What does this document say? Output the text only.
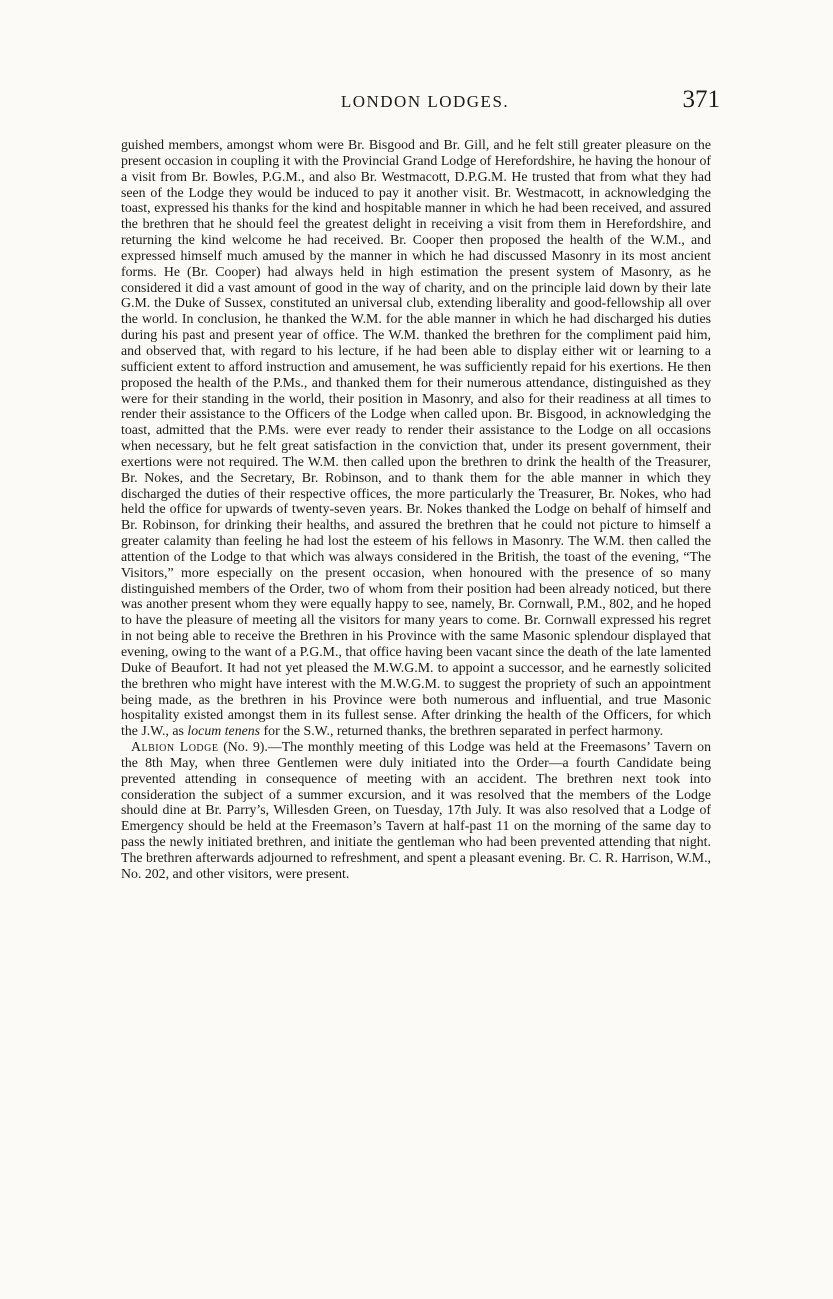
LONDON LODGES.	371

guished members, amongst whom were Br. Bisgood and Br. Gill, and he felt still greater pleasure on the present occasion in coupling it with the Provincial Grand Lodge of Herefordshire, he having the honour of a visit from Br. Bowles, P.G.M., and also Br. Westmacott, D.P.G.M. He trusted that from what they had seen of the Lodge they would be induced to pay it another visit. Br. Westmacott, in acknowledging the toast, expressed his thanks for the kind and hospitable manner in which he had been received, and assured the brethren that he should feel the greatest delight in receiving a visit from them in Herefordshire, and returning the kind welcome he had received. Br. Cooper then proposed the health of the W.M., and expressed himself much amused by the manner in which he had discussed Masonry in its most ancient forms. He (Br. Cooper) had always held in high estimation the present system of Masonry, as he considered it did a vast amount of good in the way of charity, and on the principle laid down by their late G.M. the Duke of Sussex, constituted an universal club, extending liberality and good-fellowship all over the world. In conclusion, he thanked the W.M. for the able manner in which he had discharged his duties during his past and present year of office. The W.M. thanked the brethren for the compliment paid him, and observed that, with regard to his lecture, if he had been able to display either wit or learning to a sufficient extent to afford instruction and amusement, he was sufficiently repaid for his exertions. He then proposed the health of the P.Ms., and thanked them for their numerous attendance, distinguished as they were for their standing in the world, their position in Masonry, and also for their readiness at all times to render their assistance to the Officers of the Lodge when called upon. Br. Bisgood, in acknowledging the toast, admitted that the P.Ms. were ever ready to render their assistance to the Lodge on all occasions when necessary, but he felt great satisfaction in the conviction that, under its present government, their exertions were not required. The W.M. then called upon the brethren to drink the health of the Treasurer, Br. Nokes, and the Secretary, Br. Robinson, and to thank them for the able manner in which they discharged the duties of their respective offices, the more particularly the Treasurer, Br. Nokes, who had held the office for upwards of twenty-seven years. Br. Nokes thanked the Lodge on behalf of himself and Br. Robinson, for drinking their healths, and assured the brethren that he could not picture to himself a greater calamity than feeling he had lost the esteem of his fellows in Masonry. The W.M. then called the attention of the Lodge to that which was always considered in the British, the toast of the evening, “The Visitors,” more especially on the present occasion, when honoured with the presence of so many distinguished members of the Order, two of whom from their position had been already noticed, but there was another present whom they were equally happy to see, namely, Br. Cornwall, P.M., 802, and he hoped to have the pleasure of meeting all the visitors for many years to come. Br. Cornwall expressed his regret in not being able to receive the Brethren in his Province with the same Masonic splendour displayed that evening, owing to the want of a P.G.M., that office having been vacant since the death of the late lamented Duke of Beaufort. It had not yet pleased the M.W.G.M. to appoint a successor, and he earnestly solicited the brethren who might have interest with the M.W.G.M. to suggest the propriety of such an appointment being made, as the brethren in his Province were both numerous and influential, and true Masonic hospitality existed amongst them in its fullest sense. After drinking the health of the Officers, for which the J.W., as locum tenens for the S.W., returned thanks, the brethren separated in perfect harmony.

Albion Lodge (No. 9).—The monthly meeting of this Lodge was held at the Freemasons’ Tavern on the 8th May, when three Gentlemen were duly initiated into the Order—a fourth Candidate being prevented attending in consequence of meeting with an accident. The brethren next took into consideration the subject of a summer excursion, and it was resolved that the members of the Lodge should dine at Br. Parry’s, Willesden Green, on Tuesday, 17th July. It was also resolved that a Lodge of Emergency should be held at the Freemason’s Tavern at half-past 11 on the morning of the same day to pass the newly initiated brethren, and initiate the gentleman who had been prevented attending that night. The brethren afterwards adjourned to refreshment, and spent a pleasant evening. Br. C. R. Harrison, W.M., No. 202, and other visitors, were present.
